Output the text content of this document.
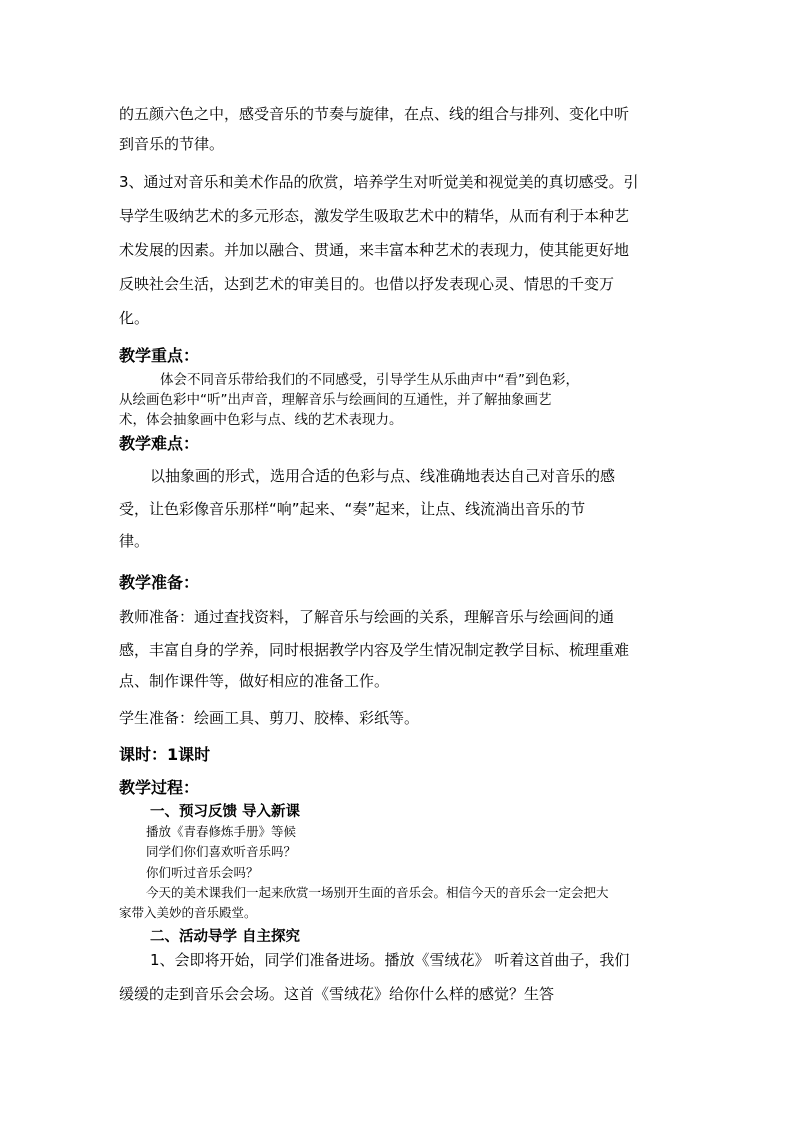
的五颜六色之中，感受音乐的节奏与旋律，在点、线的组合与排列、变化中听
到音乐的节律。
3、通过对音乐和美术作品的欣赏，培养学生对听觉美和视觉美的真切感受。引
导学生吸纳艺术的多元形态，激发学生吸取艺术中的精华，从而有利于本种艺
术发展的因素。并加以融合、贯通，来丰富本种艺术的表现力，使其能更好地
反映社会生活，达到艺术的审美目的。也借以抒发表现心灵、情思的千变万
化。
教学重点：
体会不同音乐带给我们的不同感受，引导学生从乐曲声中“看”到色彩，
从绘画色彩中“听”出声音，理解音乐与绘画间的互通性，并了解抽象画艺
术，体会抽象画中色彩与点、线的艺术表现力。
教学难点：
以抽象画的形式，选用合适的色彩与点、线准确地表达自己对音乐的感
受，让色彩像音乐那样“响”起来、“奏”起来，让点、线流淌出音乐的节
律。
教学准备：
教师准备：通过查找资料，了解音乐与绘画的关系，理解音乐与绘画间的通
感，丰富自身的学养，同时根据教学内容及学生情况制定教学目标、梳理重难
点、制作课件等，做好相应的准备工作。
学生准备：绘画工具、剪刀、胶棒、彩纸等。
课时：1课时
教学过程：
一、预习反馈 导入新课
播放《青春修炼手册》等候
同学们你们喜欢听音乐吗？
你们听过音乐会吗？
今天的美术课我们一起来欣赏一场别开生面的音乐会。相信今天的音乐会一定会把大
家带入美妙的音乐殿堂。
二、活动导学 自主探究
1、会即将开始，同学们准备进场。播放《雪绒花》 听着这首曲子，我们
缓缓的走到音乐会会场。这首《雪绒花》给你什么样的感觉？生答
